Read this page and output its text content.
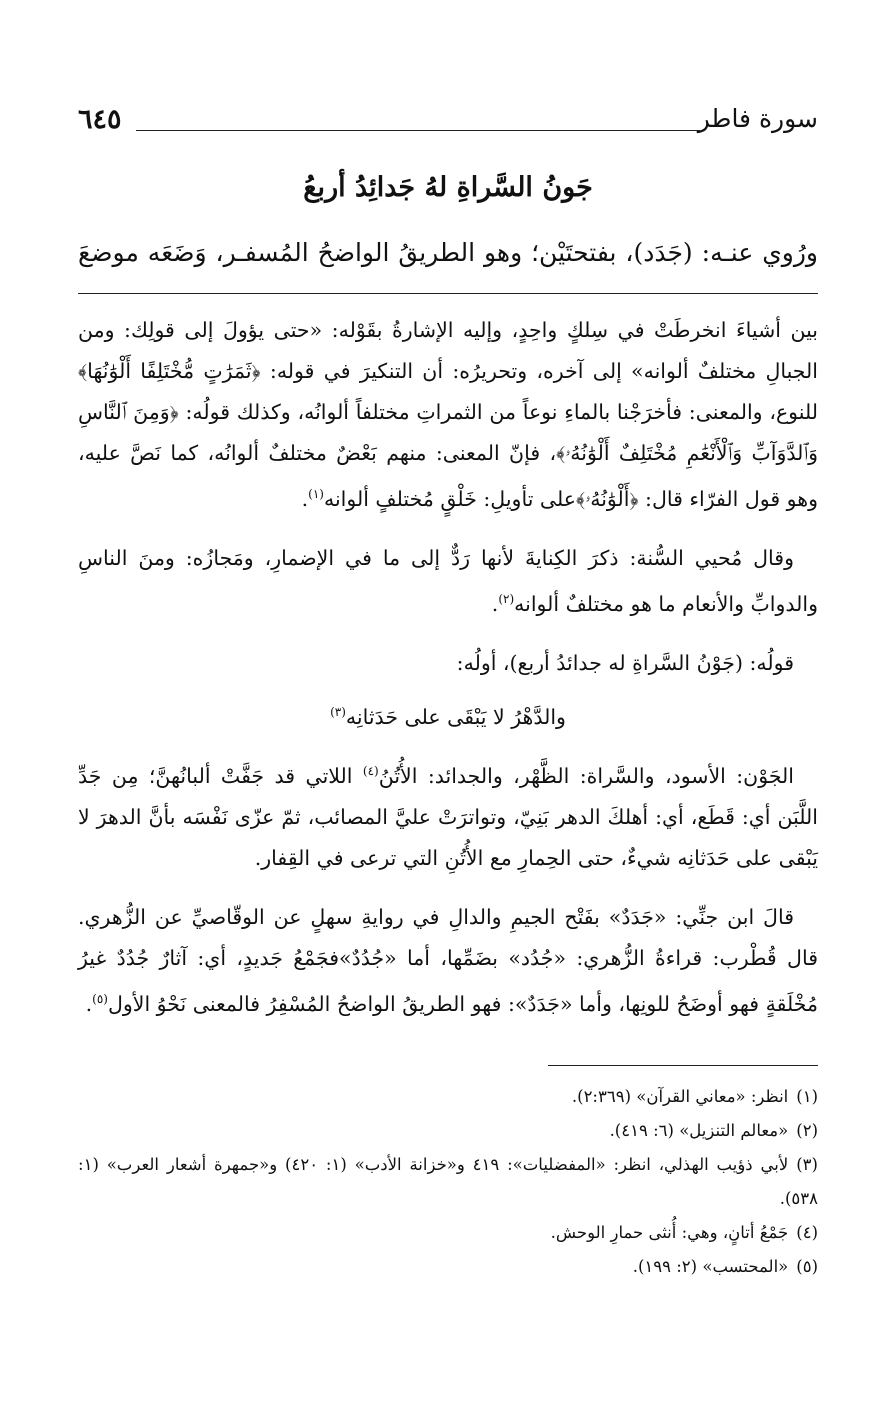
سورة فاطر
٦٤٥
جَونُ السَّراةِ لهُ جَدائِدُ أربعُ
ورُوي عنـه: (جَدَد)، بفتحتَيْن؛ وهو الطريقُ الواضحُ المُسفـر، وَضَعَه موضعَ

بين أشياءَ انخرطَتْ في سِلكٍ واحِدٍ، وإليه الإشارةُ بقَوْله: «حتى يؤولَ إلى قولِك: ومن الجبالِ مختلفٌ ألوانه» إلى آخره، وتحريرُه: أن التنكيرَ في قوله: ﴿ثَمَرَٰتٍ مُّخْتَلِفًا أَلْوَٰنُهَا﴾ للنوع، والمعنى: فأخرَجْنا بالماءِ نوعاً من الثمراتِ مختلفاً ألوانُه، وكذلك قولُه: ﴿وَمِنَ ٱلنَّاسِ وَٱلدَّوَآبِّ وَٱلْأَنْعَٰمِ مُخْتَلِفٌ أَلْوَٰنُهُۥ﴾، فإنّ المعنى: منهم بَعْضٌ مختلفٌ ألوانُه، كما نَصَّ عليه، وهو قول الفرّاء قال: ﴿أَلْوَٰنُهُۥ﴾على تأويلِ: خَلْقٍ مُختلفٍ ألوانه$^{(١)}$.

وقال مُحيي السُّنة: ذكرَ الكِنايةَ لأنها رَدٌّ إلى ما في الإضمارِ، ومَجازُه: ومنَ الناسِ والدوابِّ والأنعام ما هو مختلفٌ ألوانه$^{(٢)}$.

قولُه: (جَوْنُ السَّراةِ له جدائدُ أربع)، أولُه:

والدَّهْرُ لا يَبْقَى على حَدَثانِه$^{(٣)}$

الجَوْن: الأسود، والسَّراة: الظَّهْر، والجدائد: الأُتُنُ$^{(٤)}$ اللاتي قد جَفَّتْ ألبانُهنَّ؛ مِن جَدِّ اللَّبَن أي: قَطَع، أي: أهلكَ الدهر بَنِيّ، وتواترَتْ عليَّ المصائب، ثمّ عزّى نَفْسَه بأنَّ الدهرَ لا يَبْقى على حَدَثانِه شيءٌ، حتى الحِمارِ مع الأُتُنِ التي ترعى في القِفار.

قالَ ابن جنِّي: «جَدَدٌ» بفَتْح الجيمِ والدالِ في روايةِ سهلٍ عن الوقّاصيِّ عن الزُّهري. قال قُطْرب: قراءةُ الزُّهري: «جُدُد» بضَمِّها، أما «جُدُدٌ»فجَمْعُ جَديدٍ، أي: آثارٌ جُدُدٌ غيرُ مُخْلَقةٍ فهو أوضَحُ للونِها، وأما «جَدَدٌ»: فهو الطريقُ الواضحُ المُسْفِرُ فالمعنى نَحْوُ الأول$^{(٥)}$.

(١)انظر: «معاني القرآن» (٢:٣٦٩).
(٢)«معالم التنزيل» (٦: ٤١٩).
(٣)لأبي ذؤيب الهذلي، انظر: «المفضليات»: ٤١٩ و«خزانة الأدب» (١: ٤٢٠) و«جمهرة أشعار العرب» (١: ٥٣٨).
(٤)جَمْعُ أتانٍ، وهي: أُنثى حمارِ الوحش.
(٥)«المحتسب» (٢: ١٩٩).
